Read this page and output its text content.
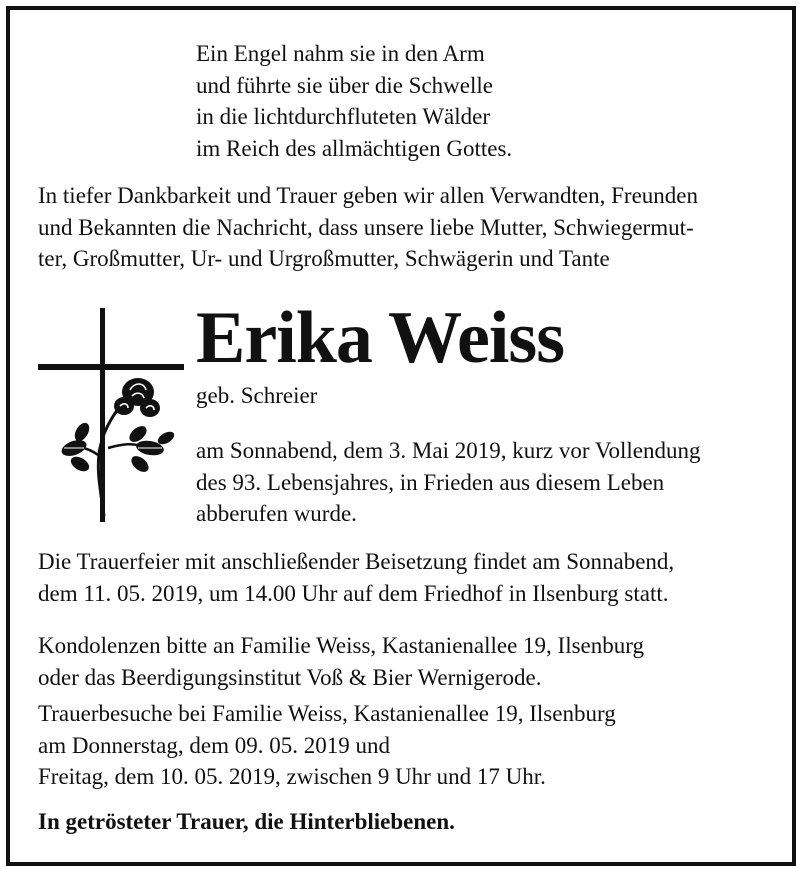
Ein Engel nahm sie in den Arm
und führte sie über die Schwelle
in die lichtdurchfluteten Wälder
im Reich des allmächtigen Gottes.
In tiefer Dankbarkeit und Trauer geben wir allen Verwandten, Freunden
und Bekannten die Nachricht, dass unsere liebe Mutter, Schwiegermut-
ter, Großmutter, Ur- und Urgroßmutter, Schwägerin und Tante
Erika Weiss
geb. Schreier
am Sonnabend, dem 3. Mai 2019, kurz vor Vollendung
des 93. Lebensjahres, in Frieden aus diesem Leben
abberufen wurde.
Die Trauerfeier mit anschließender Beisetzung findet am Sonnabend,
dem 11. 05. 2019, um 14.00 Uhr auf dem Friedhof in Ilsenburg statt.
Kondolenzen bitte an Familie Weiss, Kastanienallee 19, Ilsenburg
oder das Beerdigungsinstitut Voß & Bier Wernigerode.
Trauerbesuche bei Familie Weiss, Kastanienallee 19, Ilsenburg
am Donnerstag, dem 09. 05. 2019 und
Freitag, dem 10. 05. 2019, zwischen 9 Uhr und 17 Uhr.
In getrösteter Trauer, die Hinterbliebenen.
